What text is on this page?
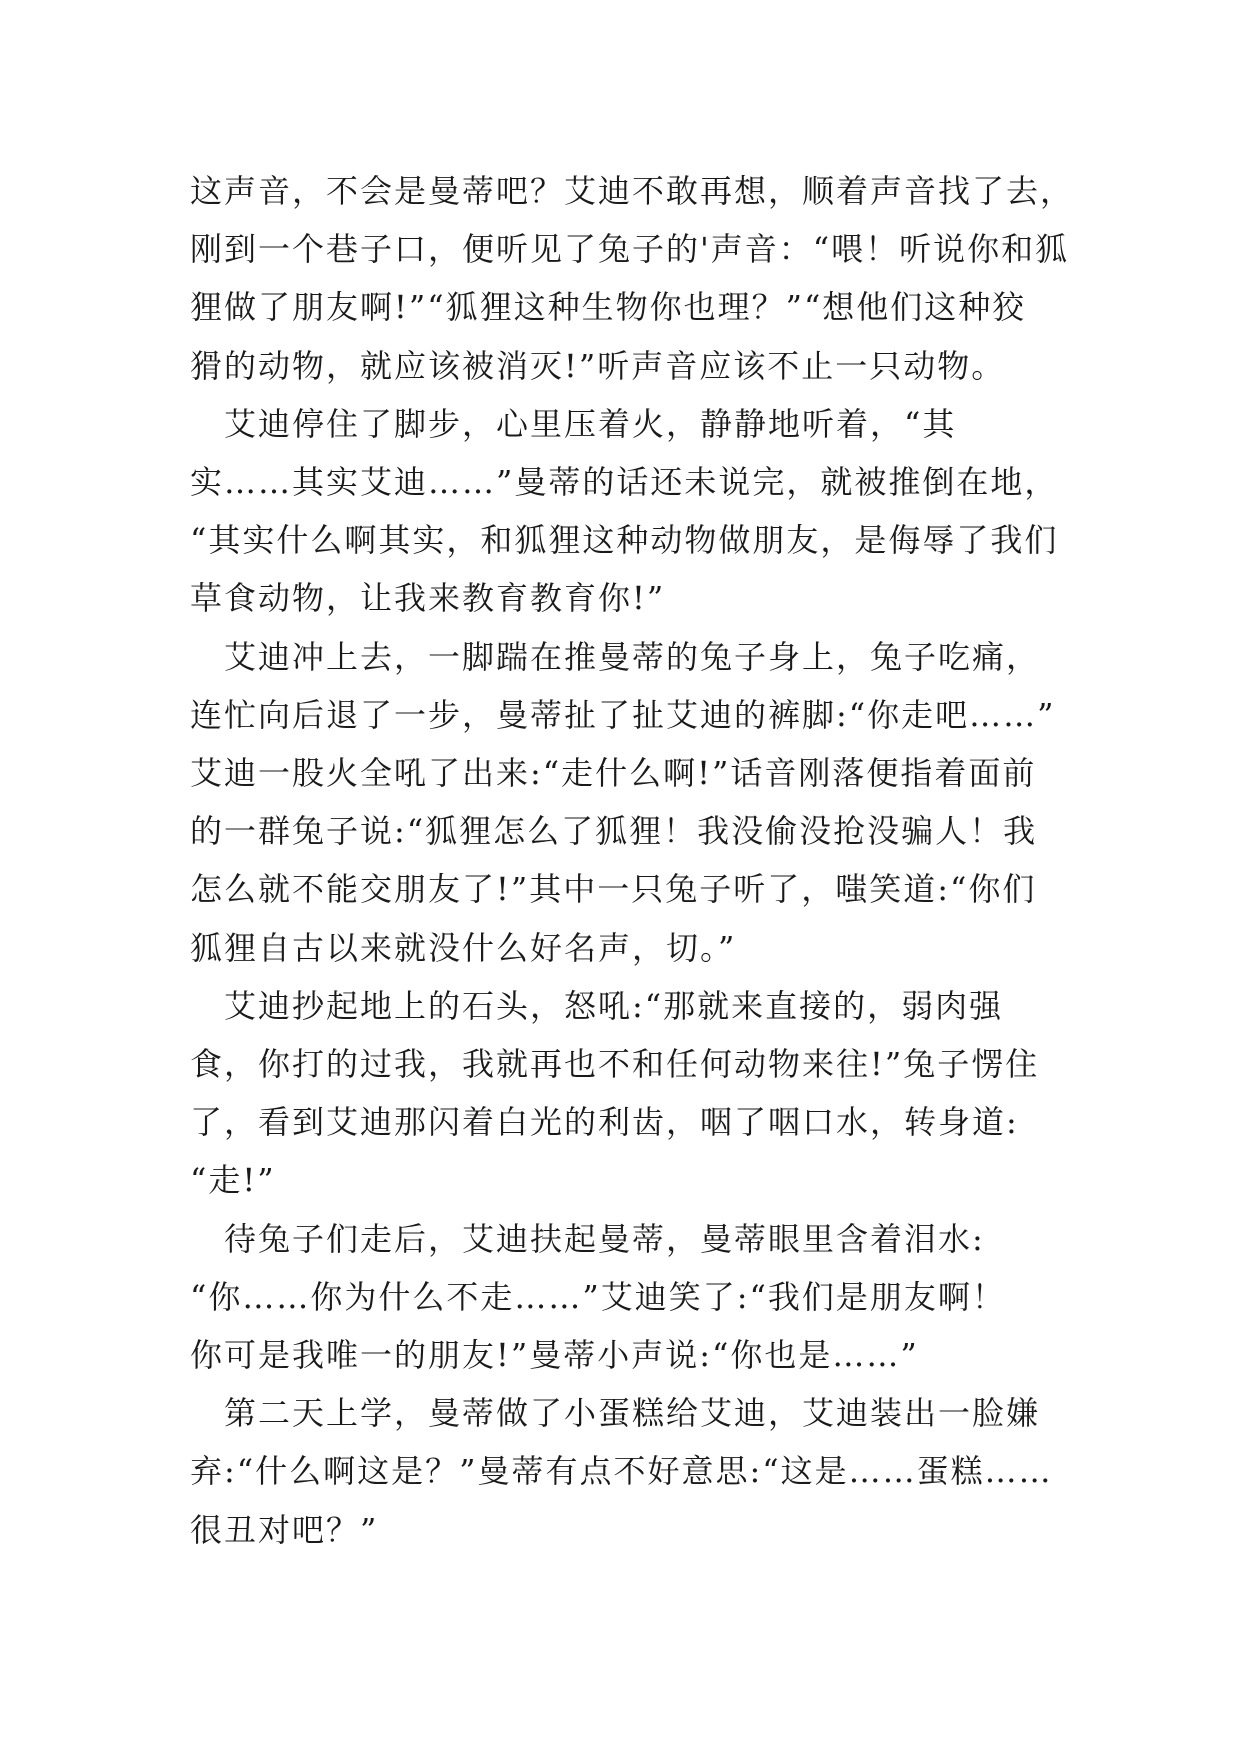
这声音，不会是曼蒂吧？艾迪不敢再想，顺着声音找了去，
刚到一个巷子口，便听见了兔子的'声音：“喂！听说你和狐
狸做了朋友啊!”“狐狸这种生物你也理？”“想他们这种狡
猾的动物，就应该被消灭!”听声音应该不止一只动物。

　艾迪停住了脚步，心里压着火，静静地听着，“其
实……其实艾迪……”曼蒂的话还未说完，就被推倒在地，
“其实什么啊其实，和狐狸这种动物做朋友，是侮辱了我们
草食动物，让我来教育教育你!”

　艾迪冲上去，一脚踹在推曼蒂的兔子身上，兔子吃痛，
连忙向后退了一步，曼蒂扯了扯艾迪的裤脚:“你走吧……”
艾迪一股火全吼了出来:“走什么啊!”话音刚落便指着面前
的一群兔子说:“狐狸怎么了狐狸！我没偷没抢没骗人！我
怎么就不能交朋友了!”其中一只兔子听了，嗤笑道:“你们
狐狸自古以来就没什么好名声，切。”

　艾迪抄起地上的石头，怒吼:“那就来直接的，弱肉强
食，你打的过我，我就再也不和任何动物来往!”兔子愣住
了，看到艾迪那闪着白光的利齿，咽了咽口水，转身道:
“走!”

　待兔子们走后，艾迪扶起曼蒂，曼蒂眼里含着泪水:
“你……你为什么不走……”艾迪笑了:“我们是朋友啊！
你可是我唯一的朋友!”曼蒂小声说:“你也是……”

　第二天上学，曼蒂做了小蛋糕给艾迪，艾迪装出一脸嫌
弃:“什么啊这是？”曼蒂有点不好意思:“这是……蛋糕……
很丑对吧？”
